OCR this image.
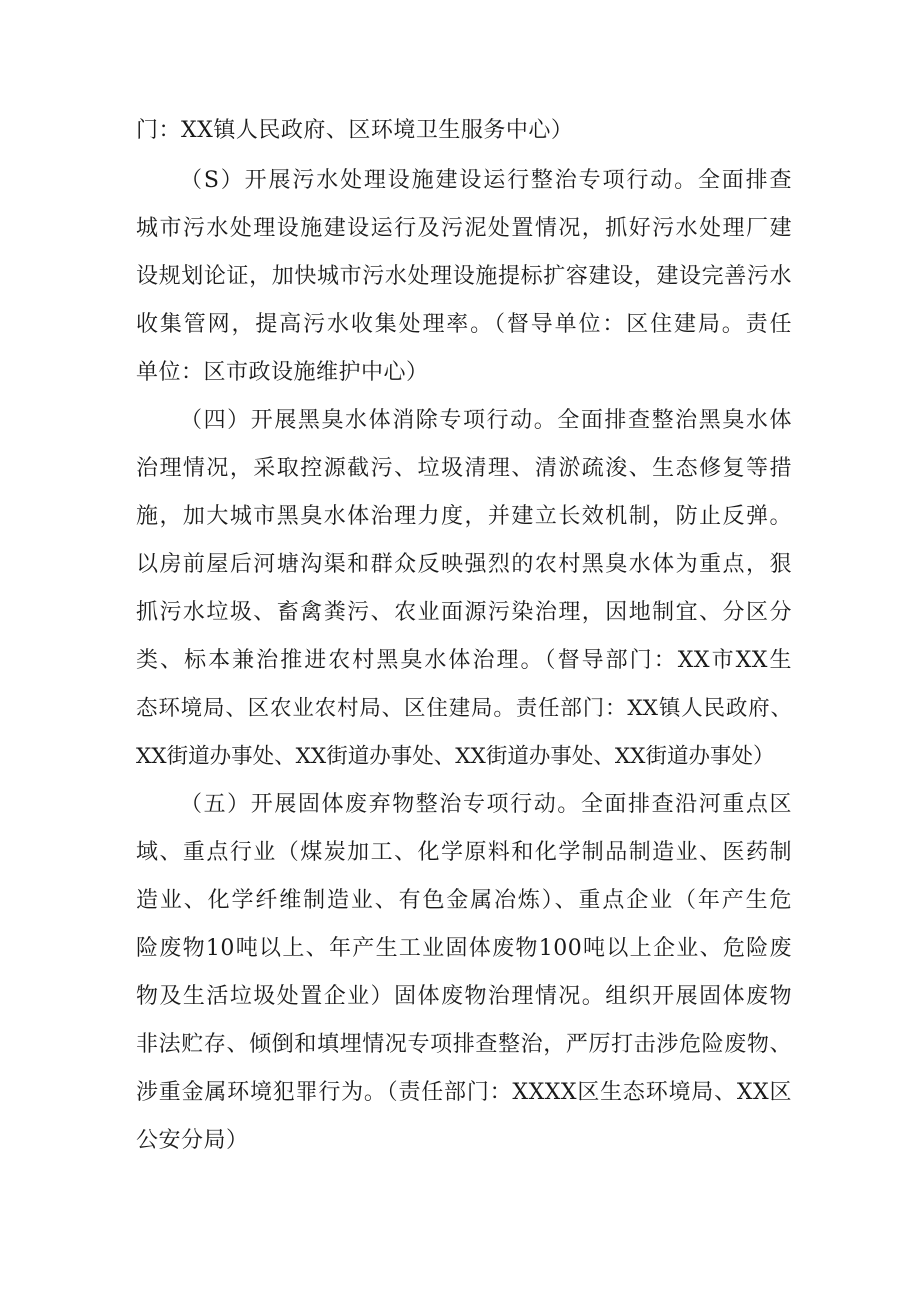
门：XX镇人民政府、区环境卫生服务中心）
（S）开展污水处理设施建设运行整治专项行动。全面排查
城市污水处理设施建设运行及污泥处置情况，抓好污水处理厂建
设规划论证，加快城市污水处理设施提标扩容建设，建设完善污水
收集管网，提高污水收集处理率。（督导单位：区住建局。责任
单位：区市政设施维护中心）
（四）开展黑臭水体消除专项行动。全面排查整治黑臭水体
治理情况，采取控源截污、垃圾清理、清淤疏浚、生态修复等措
施，加大城市黑臭水体治理力度，并建立长效机制，防止反弹。
以房前屋后河塘沟渠和群众反映强烈的农村黑臭水体为重点，狠
抓污水垃圾、畜禽粪污、农业面源污染治理，因地制宜、分区分
类、标本兼治推进农村黑臭水体治理。（督导部门：XX市XX生
态环境局、区农业农村局、区住建局。责任部门：XX镇人民政府、
XX街道办事处、XX街道办事处、XX街道办事处、XX街道办事处）
（五）开展固体废弃物整治专项行动。全面排查沿河重点区
域、重点行业（煤炭加工、化学原料和化学制品制造业、医药制
造业、化学纤维制造业、有色金属冶炼）、重点企业（年产生危
险废物10吨以上、年产生工业固体废物100吨以上企业、危险废
物及生活垃圾处置企业）固体废物治理情况。组织开展固体废物
非法贮存、倾倒和填埋情况专项排查整治，严厉打击涉危险废物、
涉重金属环境犯罪行为。（责任部门：XXXX区生态环境局、XX区
公安分局）
